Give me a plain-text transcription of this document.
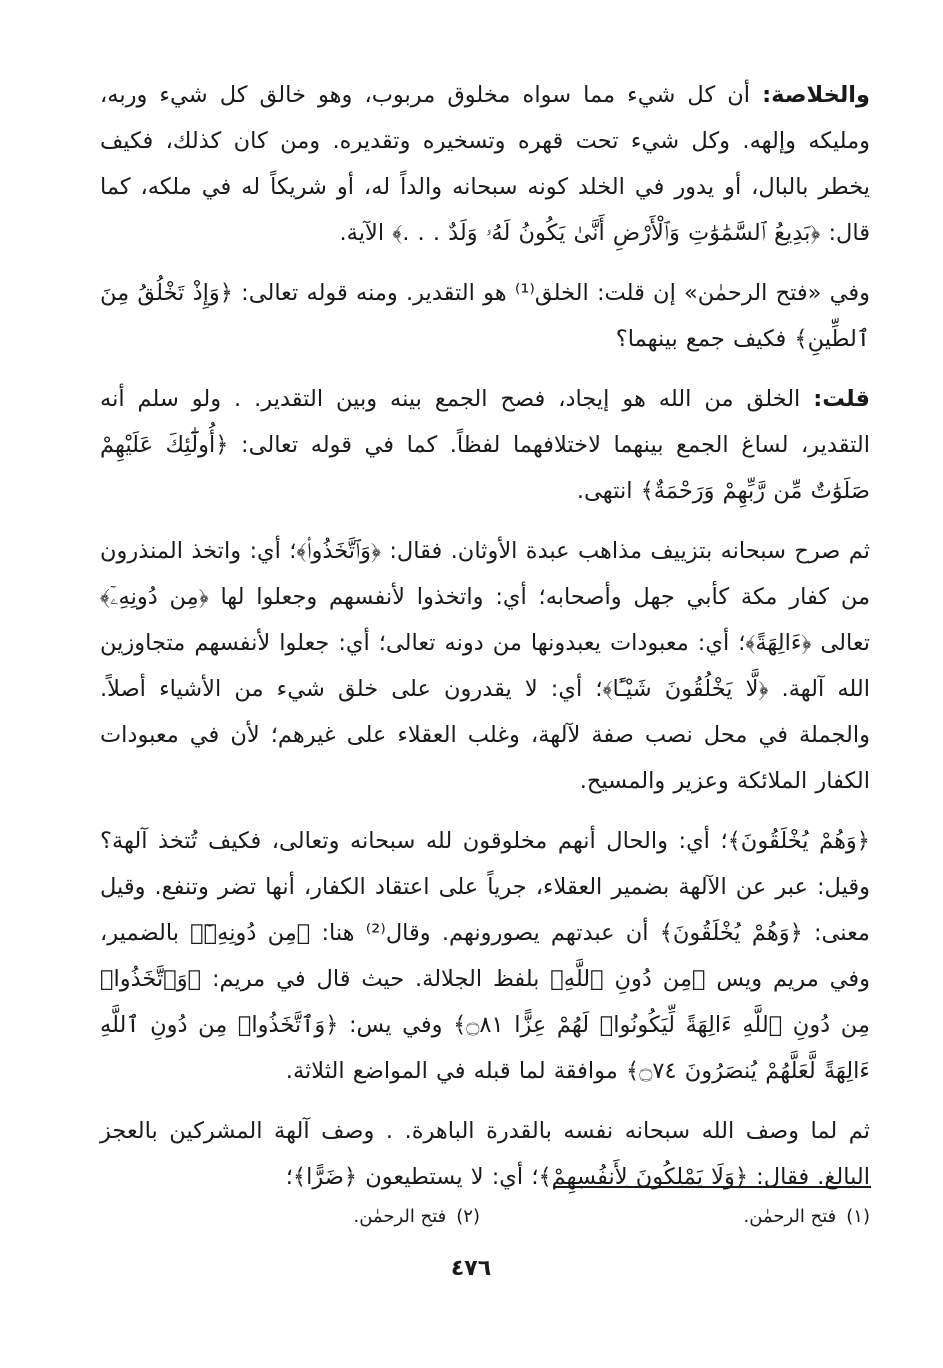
والخلاصة: أن كل شيء مما سواه مخلوق مربوب، وهو خالق كل شيء وربه، ومليكه وإلهه. وكل شيء تحت قهره وتسخيره وتقديره. ومن كان كذلك، فكيف يخطر بالبال، أو يدور في الخلد كونه سبحانه والداً له، أو شريكاً له في ملكه، كما قال: ﴿بَدِيعُ ٱلسَّمَٰوَٰتِ وَٱلْأَرْضِ أَنَّىٰ يَكُونُ لَهُۥ وَلَدٌ . . .﴾ الآية.

وفي «فتح الرحمٰن» إن قلت: الخلق⁽¹⁾ هو التقدير. ومنه قوله تعالى: ﴿وَإِذْ تَخْلُقُ مِنَ ٱلطِّينِ﴾ فكيف جمع بينهما؟

قلت: الخلق من الله هو إيجاد، فصح الجمع بينه وبين التقدير. . ولو سلم أنه التقدير، لساغ الجمع بينهما لاختلافهما لفظاً. كما في قوله تعالى: ﴿أُولَٰٓئِكَ عَلَيْهِمْ صَلَوَٰتٌ مِّن رَّبِّهِمْ وَرَحْمَةٌ﴾ انتهى.

ثم صرح سبحانه بتزييف مذاهب عبدة الأوثان. فقال: ﴿وَٱتَّخَذُوا۟﴾؛ أي: واتخذ المنذرون من كفار مكة كأبي جهل وأصحابه؛ أي: واتخذوا لأنفسهم وجعلوا لها ﴿مِن دُونِهِۦٓ﴾ تعالى ﴿ءَالِهَةً﴾؛ أي: معبودات يعبدونها من دونه تعالى؛ أي: جعلوا لأنفسهم متجاوزين الله آلهة. ﴿لَّا يَخْلُقُونَ شَيْـًٔا﴾؛ أي: لا يقدرون على خلق شيء من الأشياء أصلاً. والجملة في محل نصب صفة لآلهة، وغلب العقلاء على غيرهم؛ لأن في معبودات الكفار الملائكة وعزير والمسيح.

﴿وَهُمْ يُخْلَقُونَ﴾؛ أي: والحال أنهم مخلوقون لله سبحانه وتعالى، فكيف تُتخذ آلهة؟ وقيل: عبر عن الآلهة بضمير العقلاء، جرياً على اعتقاد الكفار، أنها تضر وتنفع. وقيل معنى: ﴿وَهُمْ يُخْلَقُونَ﴾ أن عبدتهم يصورونهم. وقال⁽²⁾ هنا: ﴿مِن دُونِهِۦٓ﴾ بالضمير، وفي مريم ويس ﴿مِن دُونِ ٱللَّهِ﴾ بلفظ الجلالة. حيث قال في مريم: ﴿وَٱتَّخَذُوا۟ مِن دُونِ ٱللَّهِ ءَالِهَةً لِّيَكُونُوا۟ لَهُمْ عِزًّا ۝٨١﴾ وفي يس: ﴿وَٱتَّخَذُوا۟ مِن دُونِ ٱللَّهِ ءَالِهَةً لَّعَلَّهُمْ يُنصَرُونَ ۝٧٤﴾ موافقة لما قبله في المواضع الثلاثة.

ثم لما وصف الله سبحانه نفسه بالقدرة الباهرة. . وصف آلهة المشركين بالعجز البالغ. فقال: ﴿وَلَا يَمْلِكُونَ لِأَنفُسِهِمْ﴾؛ أي: لا يستطيعون ﴿ضَرًّا﴾؛

(١)
فتح الرحمٰن.
(٢)
فتح الرحمٰن.
٤٧٦
